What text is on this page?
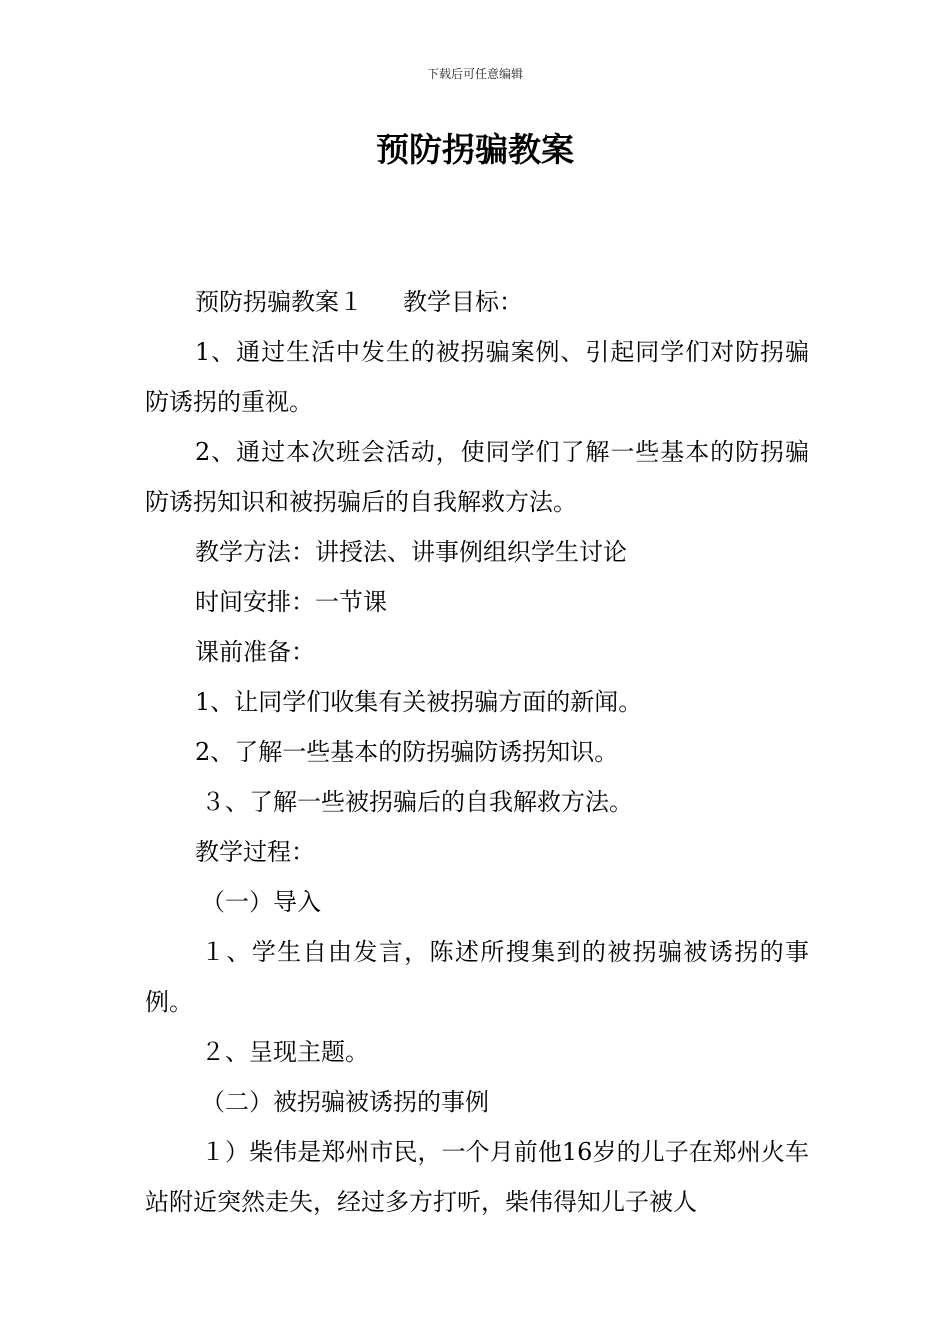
下载后可任意编辑
预防拐骗教案

预防拐骗教案１ 教学目标：

1、通过生活中发生的被拐骗案例、引起同学们对防拐骗防诱拐的重视。

2、通过本次班会活动，使同学们了解一些基本的防拐骗防诱拐知识和被拐骗后的自我解救方法。

教学方法：讲授法、讲事例组织学生讨论

时间安排：一节课

课前准备：

1、让同学们收集有关被拐骗方面的新闻。

2、了解一些基本的防拐骗防诱拐知识。

３、了解一些被拐骗后的自我解救方法。

教学过程：

（一）导入

１、学生自由发言，陈述所搜集到的被拐骗被诱拐的事例。

２、呈现主题。

（二）被拐骗被诱拐的事例

１）柴伟是郑州市民，一个月前他16岁的儿子在郑州火车站附近突然走失，经过多方打听，柴伟得知儿子被人
